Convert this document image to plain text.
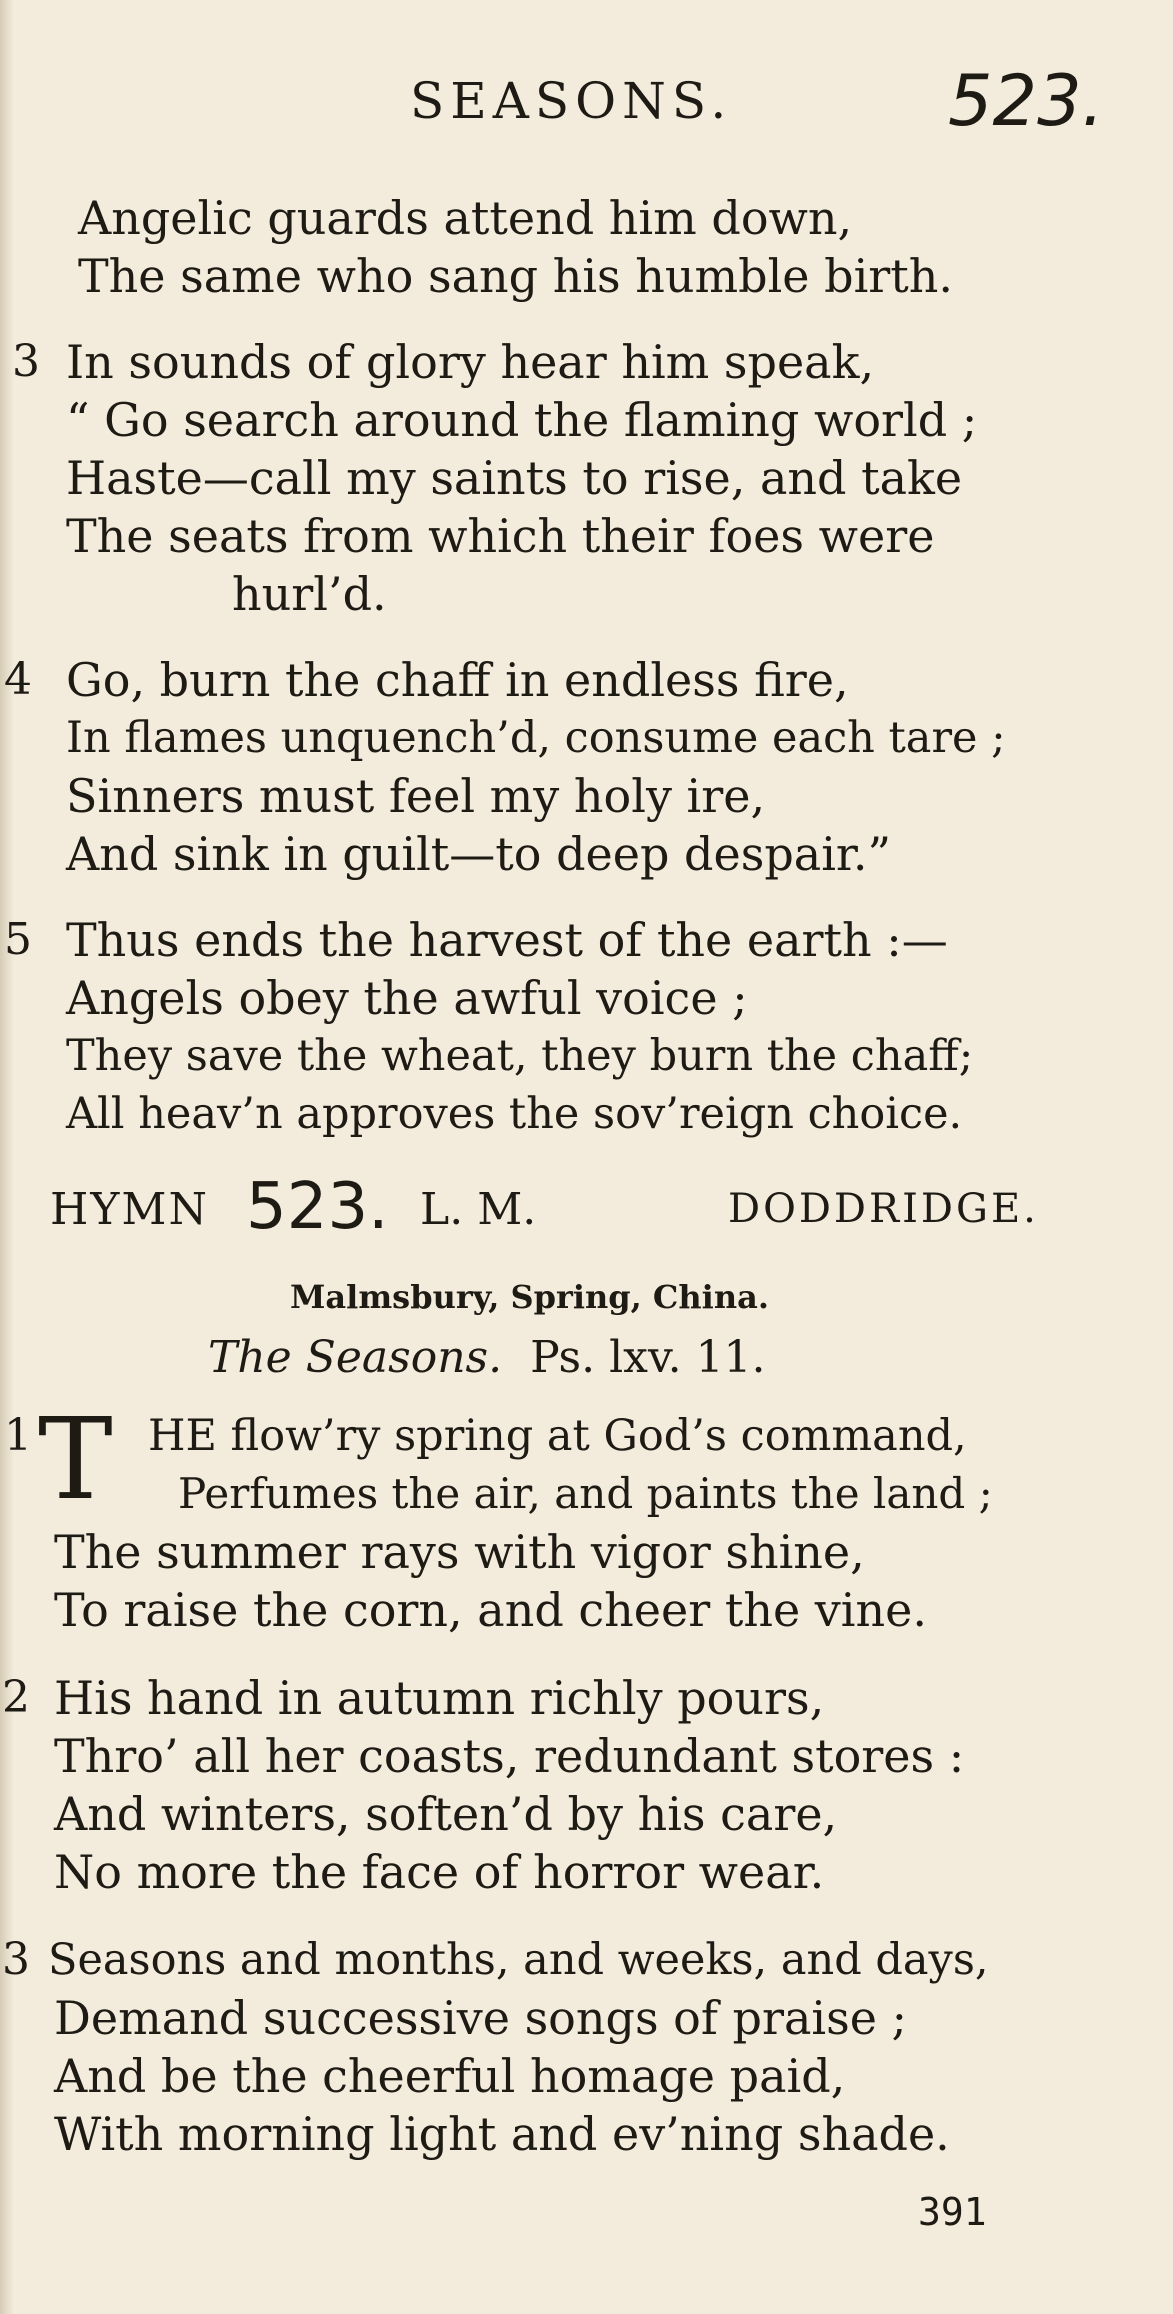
SEASONS.	523.
Angelic guards attend him down,
The same who sang his humble birth.
3 In sounds of glory hear him speak,
“ Go search around the flaming world ;
Haste—call my saints to rise, and take
The seats from which their foes were
hurl’d.
4 Go, burn the chaff in endless fire,
In flames unquench’d, consume each tare ;
Sinners must feel my holy ire,
And sink in guilt—to deep despair.”
5 Thus ends the harvest of the earth :—
Angels obey the awful voice ;
They save the wheat, they burn the chaff;
All heav’n approves the sov’reign choice.
HYMN 523. L. M.	DODDRIDGE.
Malmsbury, Spring, China.
The Seasons. Ps. lxv. 11.
1 T HE flow’ry spring at God’s command,
Perfumes the air, and paints the land ;
The summer rays with vigor shine,
To raise the corn, and cheer the vine.
2 His hand in autumn richly pours,
Thro’ all her coasts, redundant stores :
And winters, soften’d by his care,
No more the face of horror wear.
3 Seasons and months, and weeks, and days,
Demand successive songs of praise ;
And be the cheerful homage paid,
With morning light and ev’ning shade.
391
